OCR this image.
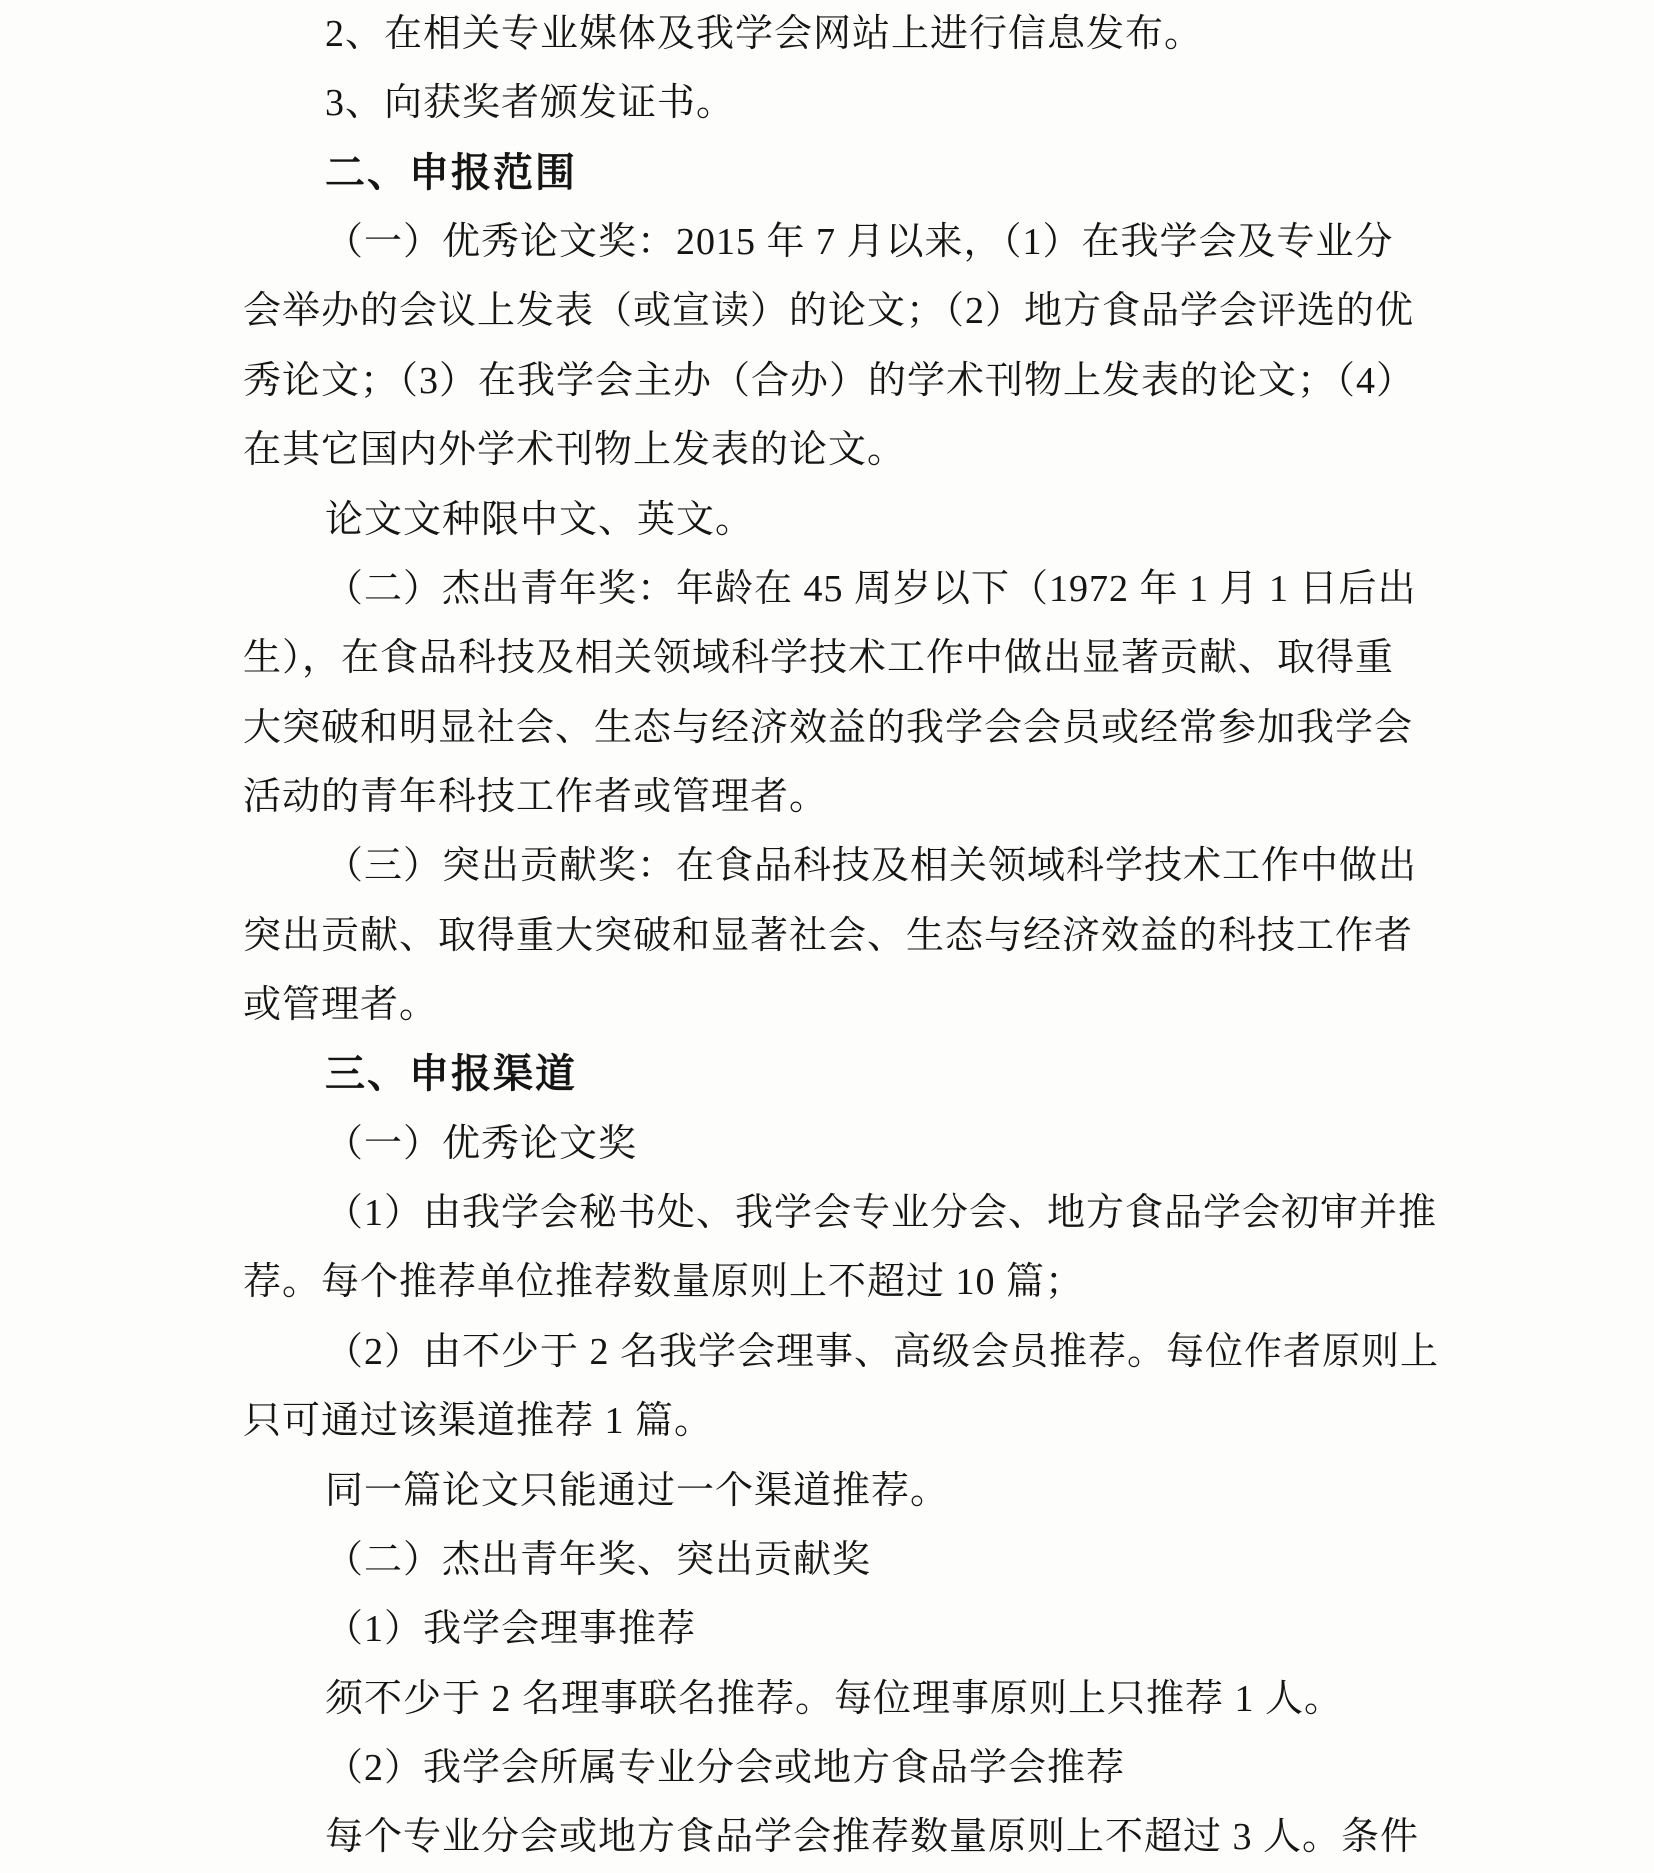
2、在相关专业媒体及我学会网站上进行信息发布。
3、向获奖者颁发证书。
二、申报范围
（一）优秀论文奖：2015 年 7 月以来，（1）在我学会及专业分
会举办的会议上发表（或宣读）的论文；（2）地方食品学会评选的优
秀论文；（3）在我学会主办（合办）的学术刊物上发表的论文；（4）
在其它国内外学术刊物上发表的论文。
论文文种限中文、英文。
（二）杰出青年奖：年龄在 45 周岁以下（1972 年 1 月 1 日后出
生），在食品科技及相关领域科学技术工作中做出显著贡献、取得重
大突破和明显社会、生态与经济效益的我学会会员或经常参加我学会
活动的青年科技工作者或管理者。
（三）突出贡献奖：在食品科技及相关领域科学技术工作中做出
突出贡献、取得重大突破和显著社会、生态与经济效益的科技工作者
或管理者。
三、申报渠道
（一）优秀论文奖
（1）由我学会秘书处、我学会专业分会、地方食品学会初审并推
荐。每个推荐单位推荐数量原则上不超过 10 篇；
（2）由不少于 2 名我学会理事、高级会员推荐。每位作者原则上
只可通过该渠道推荐 1 篇。
同一篇论文只能通过一个渠道推荐。
（二）杰出青年奖、突出贡献奖
（1）我学会理事推荐
须不少于 2 名理事联名推荐。每位理事原则上只推荐 1 人。
（2）我学会所属专业分会或地方食品学会推荐
每个专业分会或地方食品学会推荐数量原则上不超过 3 人。条件
